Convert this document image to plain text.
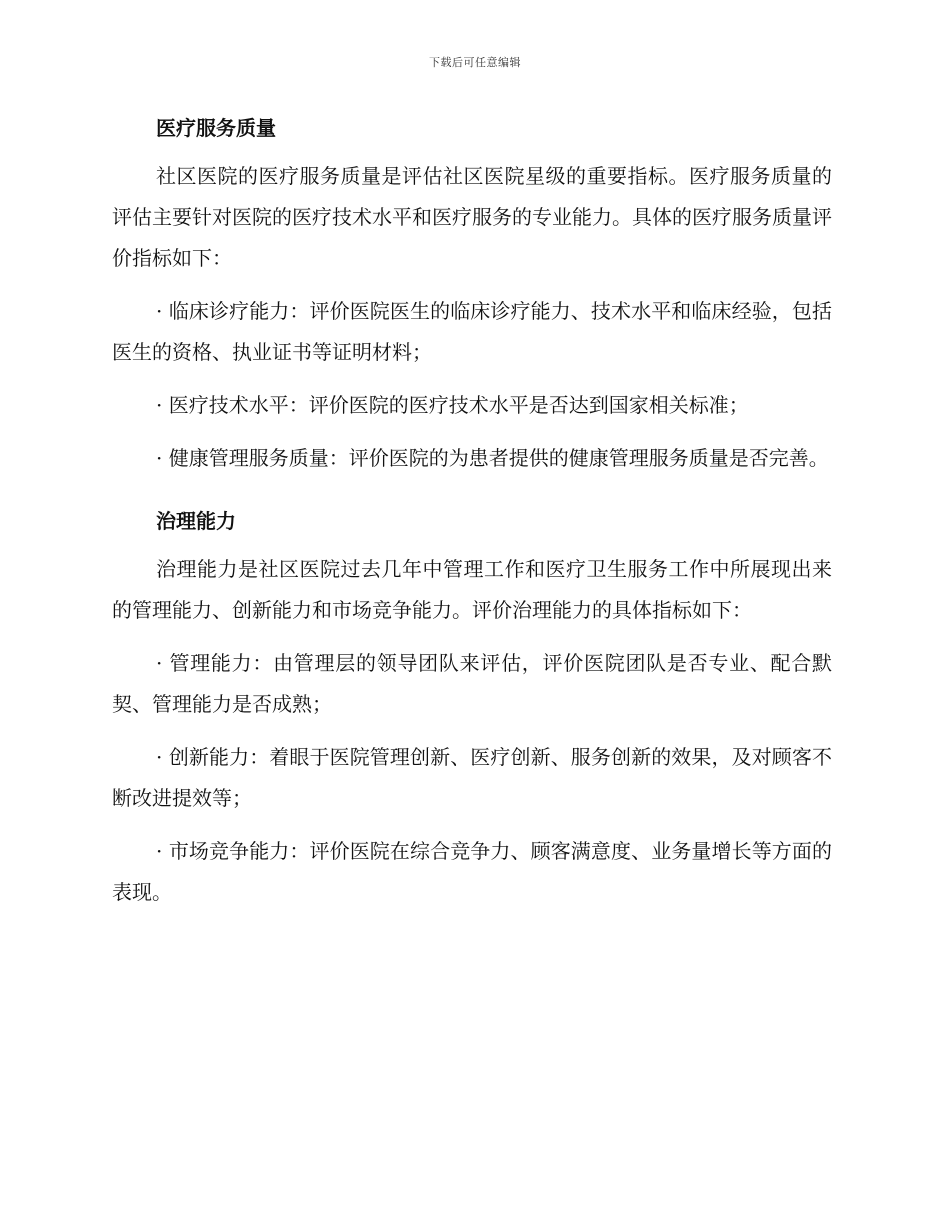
下载后可任意编辑
医疗服务质量

社区医院的医疗服务质量是评估社区医院星级的重要指标。医疗服务质量的评估主要针对医院的医疗技术水平和医疗服务的专业能力。具体的医疗服务质量评价指标如下：

· 临床诊疗能力：评价医院医生的临床诊疗能力、技术水平和临床经验，包括医生的资格、执业证书等证明材料；

· 医疗技术水平：评价医院的医疗技术水平是否达到国家相关标准；

· 健康管理服务质量：评价医院的为患者提供的健康管理服务质量是否完善。

治理能力

治理能力是社区医院过去几年中管理工作和医疗卫生服务工作中所展现出来的管理能力、创新能力和市场竞争能力。评价治理能力的具体指标如下：

· 管理能力：由管理层的领导团队来评估，评价医院团队是否专业、配合默契、管理能力是否成熟；

· 创新能力：着眼于医院管理创新、医疗创新、服务创新的效果，及对顾客不断改进提效等；

· 市场竞争能力：评价医院在综合竞争力、顾客满意度、业务量增长等方面的表现。
